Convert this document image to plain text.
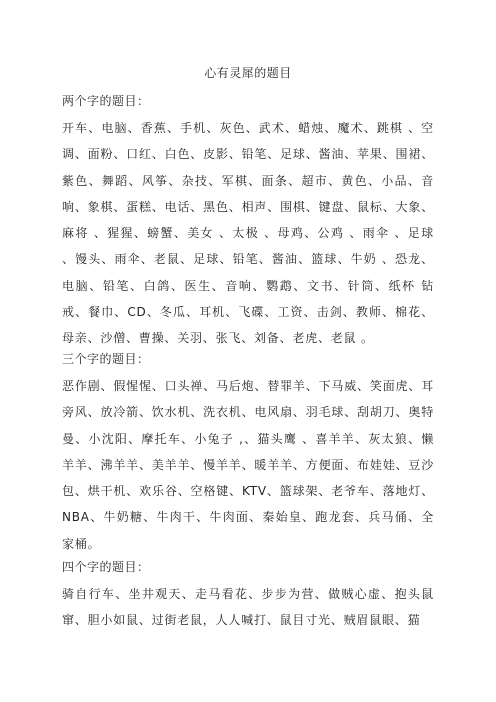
心有灵犀的题目
两个字的题目：
开车、电脑、香蕉、手机、灰色、武术、蜡烛、魔术、跳棋 、空调、面粉、口红、白色、皮影、铅笔、足球、酱油、苹果、围裙、紫色、舞蹈、风筝、杂技、军棋、面条、超市、黄色、小品、音响、象棋、蛋糕、电话、黑色、相声、围棋、键盘、鼠标、大象、麻将 、猩猩、螃蟹、美女 、太极 、母鸡、公鸡 、雨伞 、足球 、馒头、雨伞、老鼠、足球、铅笔、酱油、篮球、牛奶 、恐龙、电脑、铅笔、白鸽、医生、音响、鹦鹉、文书、针筒、纸杯 钻戒、餐巾、CD、冬瓜、耳机、飞碟、工资、击剑、教师、棉花、母亲、沙僧、曹操、关羽、张飞、刘备、老虎、老鼠 。
三个字的题目：
恶作剧、假惺惺、口头禅、马后炮、替罪羊、下马威、笑面虎、耳旁风、放冷箭、饮水机、洗衣机、电风扇、羽毛球、刮胡刀、奥特曼、小沈阳、摩托车、小兔子 ,、猫头鹰 、喜羊羊、灰太狼、懒羊羊、沸羊羊、美羊羊、慢羊羊、暖羊羊、方便面、布娃娃、豆沙包、烘干机、欢乐谷、空格键、KTV、篮球架、老爷车、落地灯、NBA、牛奶糖、牛肉干、牛肉面、秦始皇、跑龙套、兵马俑、全家桶。
四个字的题目：
骑自行车、坐井观天、走马看花、步步为营、做贼心虚、抱头鼠窜、胆小如鼠、过街老鼠，人人喊打、鼠目寸光、贼眉鼠眼、猫
